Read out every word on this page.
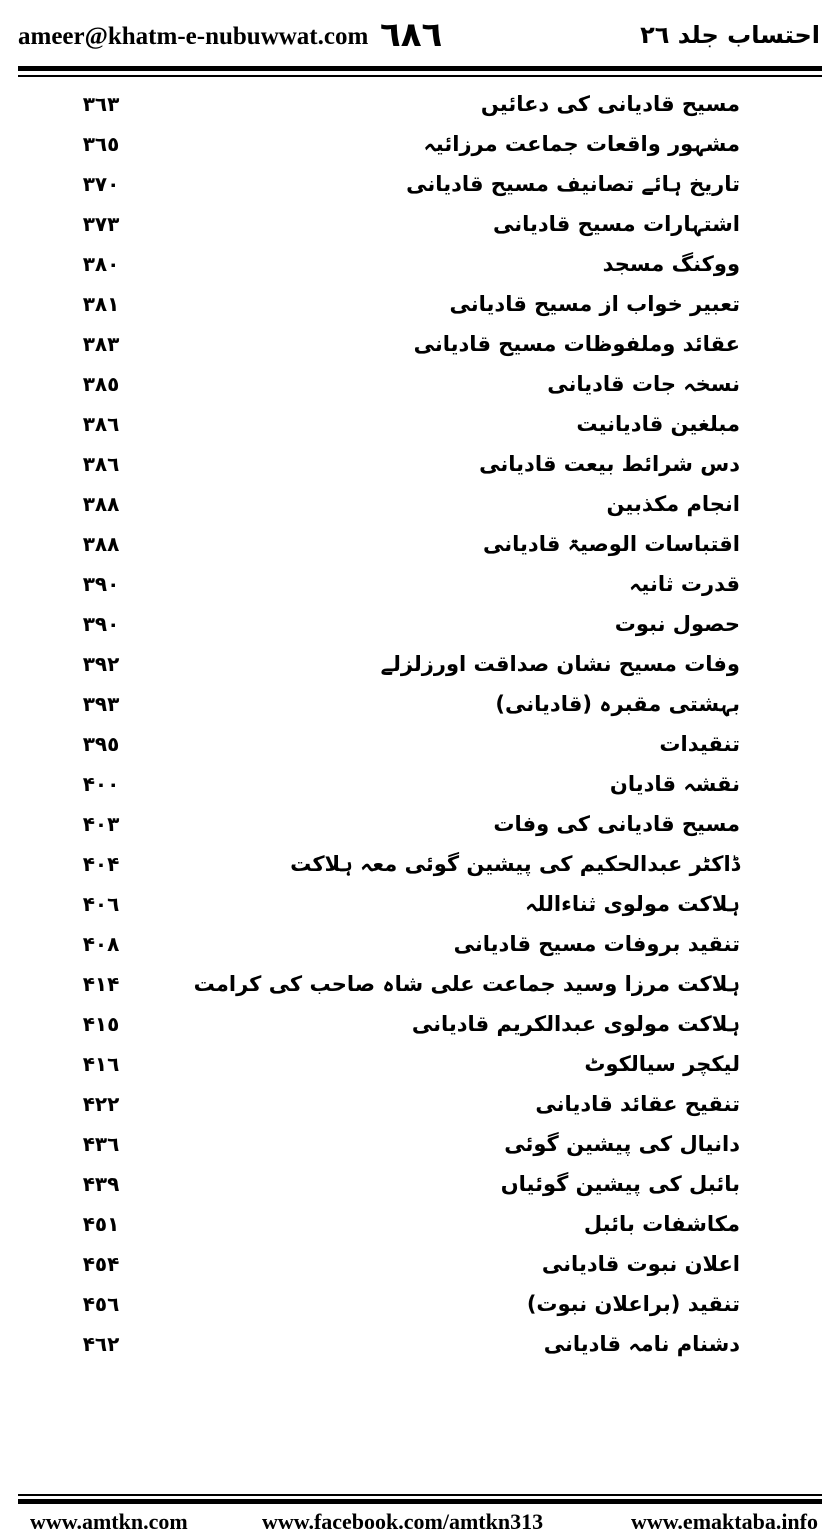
ameer@khatm-e-nubuwwat.com ٦٨٦	احتساب جلد ٢٦
مسیح قادیانی کی دعائیں
٣٦٣
مشہور واقعات جماعت مرزائیہ
٣٦٥
تاریخ ہائے تصانیف مسیح قادیانی
٣٧٠
اشتہارات مسیح قادیانی
٣٧٣
ووکنگ مسجد
٣٨٠
تعبیر خواب از مسیح قادیانی
٣٨١
عقائد وملفوظات مسیح قادیانی
٣٨٣
نسخہ جات قادیانی
٣٨٥
مبلغین قادیانیت
٣٨٦
دس شرائط بیعت قادیانی
٣٨٦
انجام مکذبین
٣٨٨
اقتباسات الوصیۃ قادیانی
٣٨٨
قدرت ثانیہ
٣٩٠
حصول نبوت
٣٩٠
وفات مسیح نشان صداقت اورزلزلے
٣٩٢
بہشتی مقبرہ (قادیانی)
٣٩٣
تنقیدات
٣٩٥
نقشہ قادیان
۴٠٠
مسیح قادیانی کی وفات
۴٠٣
ڈاکٹر عبدالحکیم کی پیشین گوئی معہ ہلاکت
۴٠۴
ہلاکت مولوی ثناءاللہ
۴٠٦
تنقید بروفات مسیح قادیانی
۴٠٨
ہلاکت مرزا وسید جماعت علی شاہ صاحب کی کرامت
۴١۴
ہلاکت مولوی عبدالکریم قادیانی
۴١٥
لیکچر سیالکوٹ
۴١٦
تنقیح عقائد قادیانی
۴٢٢
دانیال کی پیشین گوئی
۴٣٦
بائبل کی پیشین گوئیاں
۴٣٩
مکاشفات بائبل
۴٥١
اعلان نبوت قادیانی
۴٥۴
تنقید (براعلان نبوت)
۴٥٦
دشنام نامہ قادیانی
۴٦٢
www.amtkn.com	www.facebook.com/amtkn313	www.emaktaba.info
